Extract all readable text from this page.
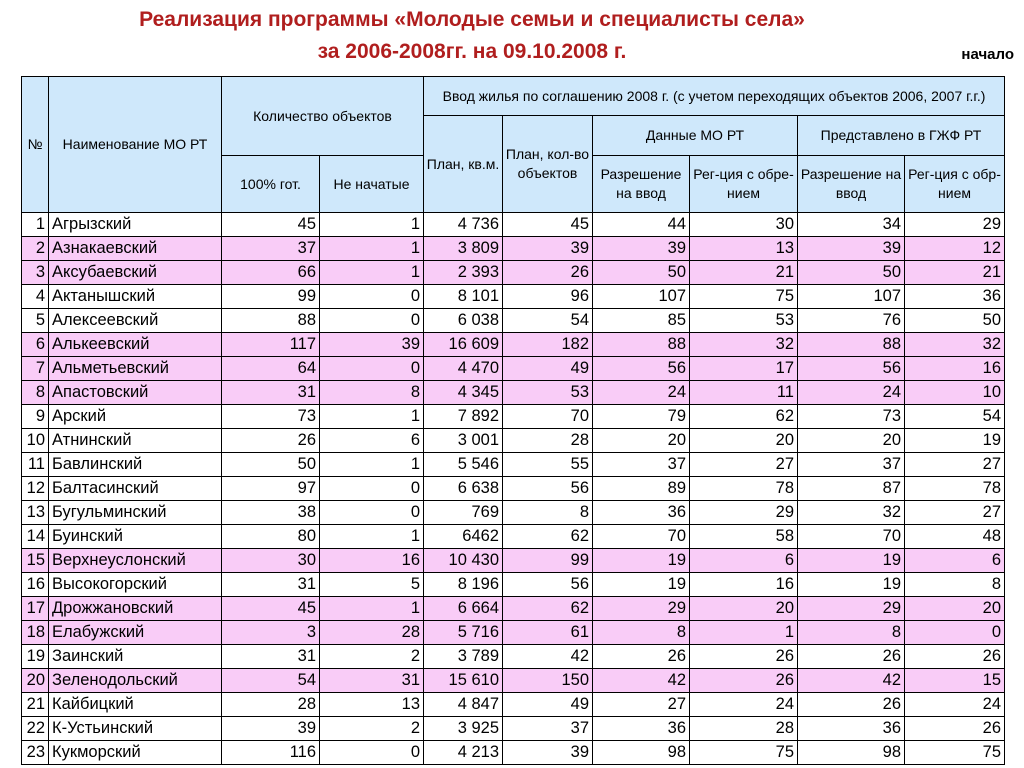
Реализация программы «Молодые семьи и специалисты села»
за 2006-2008гг. на 09.10.2008 г.	начало
№	Наименование МО РТ	Количество объектов		Ввод жилья по соглашению 2008 г. (с учетом переходящих объектов 2006, 2007 г.г.)					
				План, кв.м.	План, кол-во объектов	Данные МО РТ		Представлено в ГЖФ РТ	
		100% гот.	Не начатые			Разрешение на ввод	Рег-ция с обре-нием	Разрешение на ввод	Рег-ция с обр-нием
1	Агрызский	45	1	4 736	45	44	30	34	29
2	Азнакаевский	37	1	3 809	39	39	13	39	12
3	Аксубаевский	66	1	2 393	26	50	21	50	21
4	Актанышский	99	0	8 101	96	107	75	107	36
5	Алексеевский	88	0	6 038	54	85	53	76	50
6	Алькеевский	117	39	16 609	182	88	32	88	32
7	Альметьевский	64	0	4 470	49	56	17	56	16
8	Апастовский	31	8	4 345	53	24	11	24	10
9	Арский	73	1	7 892	70	79	62	73	54
10	Атнинский	26	6	3 001	28	20	20	20	19
11	Бавлинский	50	1	5 546	55	37	27	37	27
12	Балтасинский	97	0	6 638	56	89	78	87	78
13	Бугульминский	38	0	769	8	36	29	32	27
14	Буинский	80	1	6462	62	70	58	70	48
15	Верхнеуслонский	30	16	10 430	99	19	6	19	6
16	Высокогорский	31	5	8 196	56	19	16	19	8
17	Дрожжановский	45	1	6 664	62	29	20	29	20
18	Елабужский	3	28	5 716	61	8	1	8	0
19	Заинский	31	2	3 789	42	26	26	26	26
20	Зеленодольский	54	31	15 610	150	42	26	42	15
21	Кайбицкий	28	13	4 847	49	27	24	26	24
22	К-Устьинский	39	2	3 925	37	36	28	36	26
23	Кукморский	116	0	4 213	39	98	75	98	75
